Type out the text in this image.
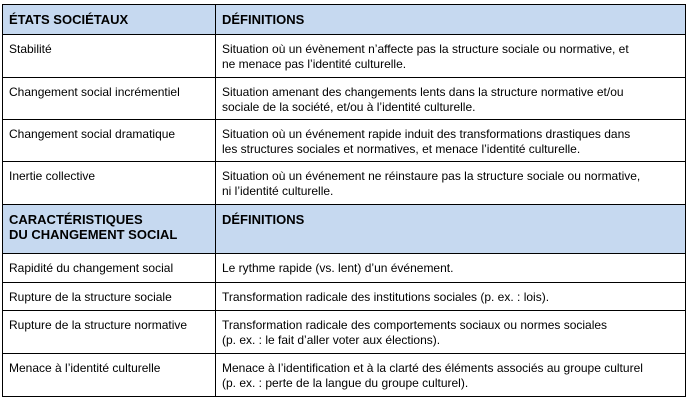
ÉTATS SOCIÉTAUX	DÉFINITIONS
Stabilité	Situation où un évènement n’affecte pas la structure sociale ou normative, et
ne menace pas l’identité culturelle.

Changement social incrémentiel	Situation amenant des changements lents dans la structure normative et/ou
sociale de la société, et/ou à l’identité culturelle.

Changement social dramatique	Situation où un événement rapide induit des transformations drastiques dans
les structures sociales et normatives, et menace l’identité culturelle.

Inertie collective	Situation où un événement ne réinstaure pas la structure sociale ou normative,
ni l’identité culturelle.

CARACTÉRISTIQUES
DU CHANGEMENT SOCIAL	DÉFINITIONS
Rapidité du changement social	Le rythme rapide (vs. lent) d’un événement.

Rupture de la structure sociale	Transformation radicale des institutions sociales (p. ex. : lois).

Rupture de la structure normative	Transformation radicale des comportements sociaux ou normes sociales
(p. ex. : le fait d’aller voter aux élections).

Menace à l’identité culturelle	Menace à l’identification et à la clarté des éléments associés au groupe culturel
(p. ex. : perte de la langue du groupe culturel).
